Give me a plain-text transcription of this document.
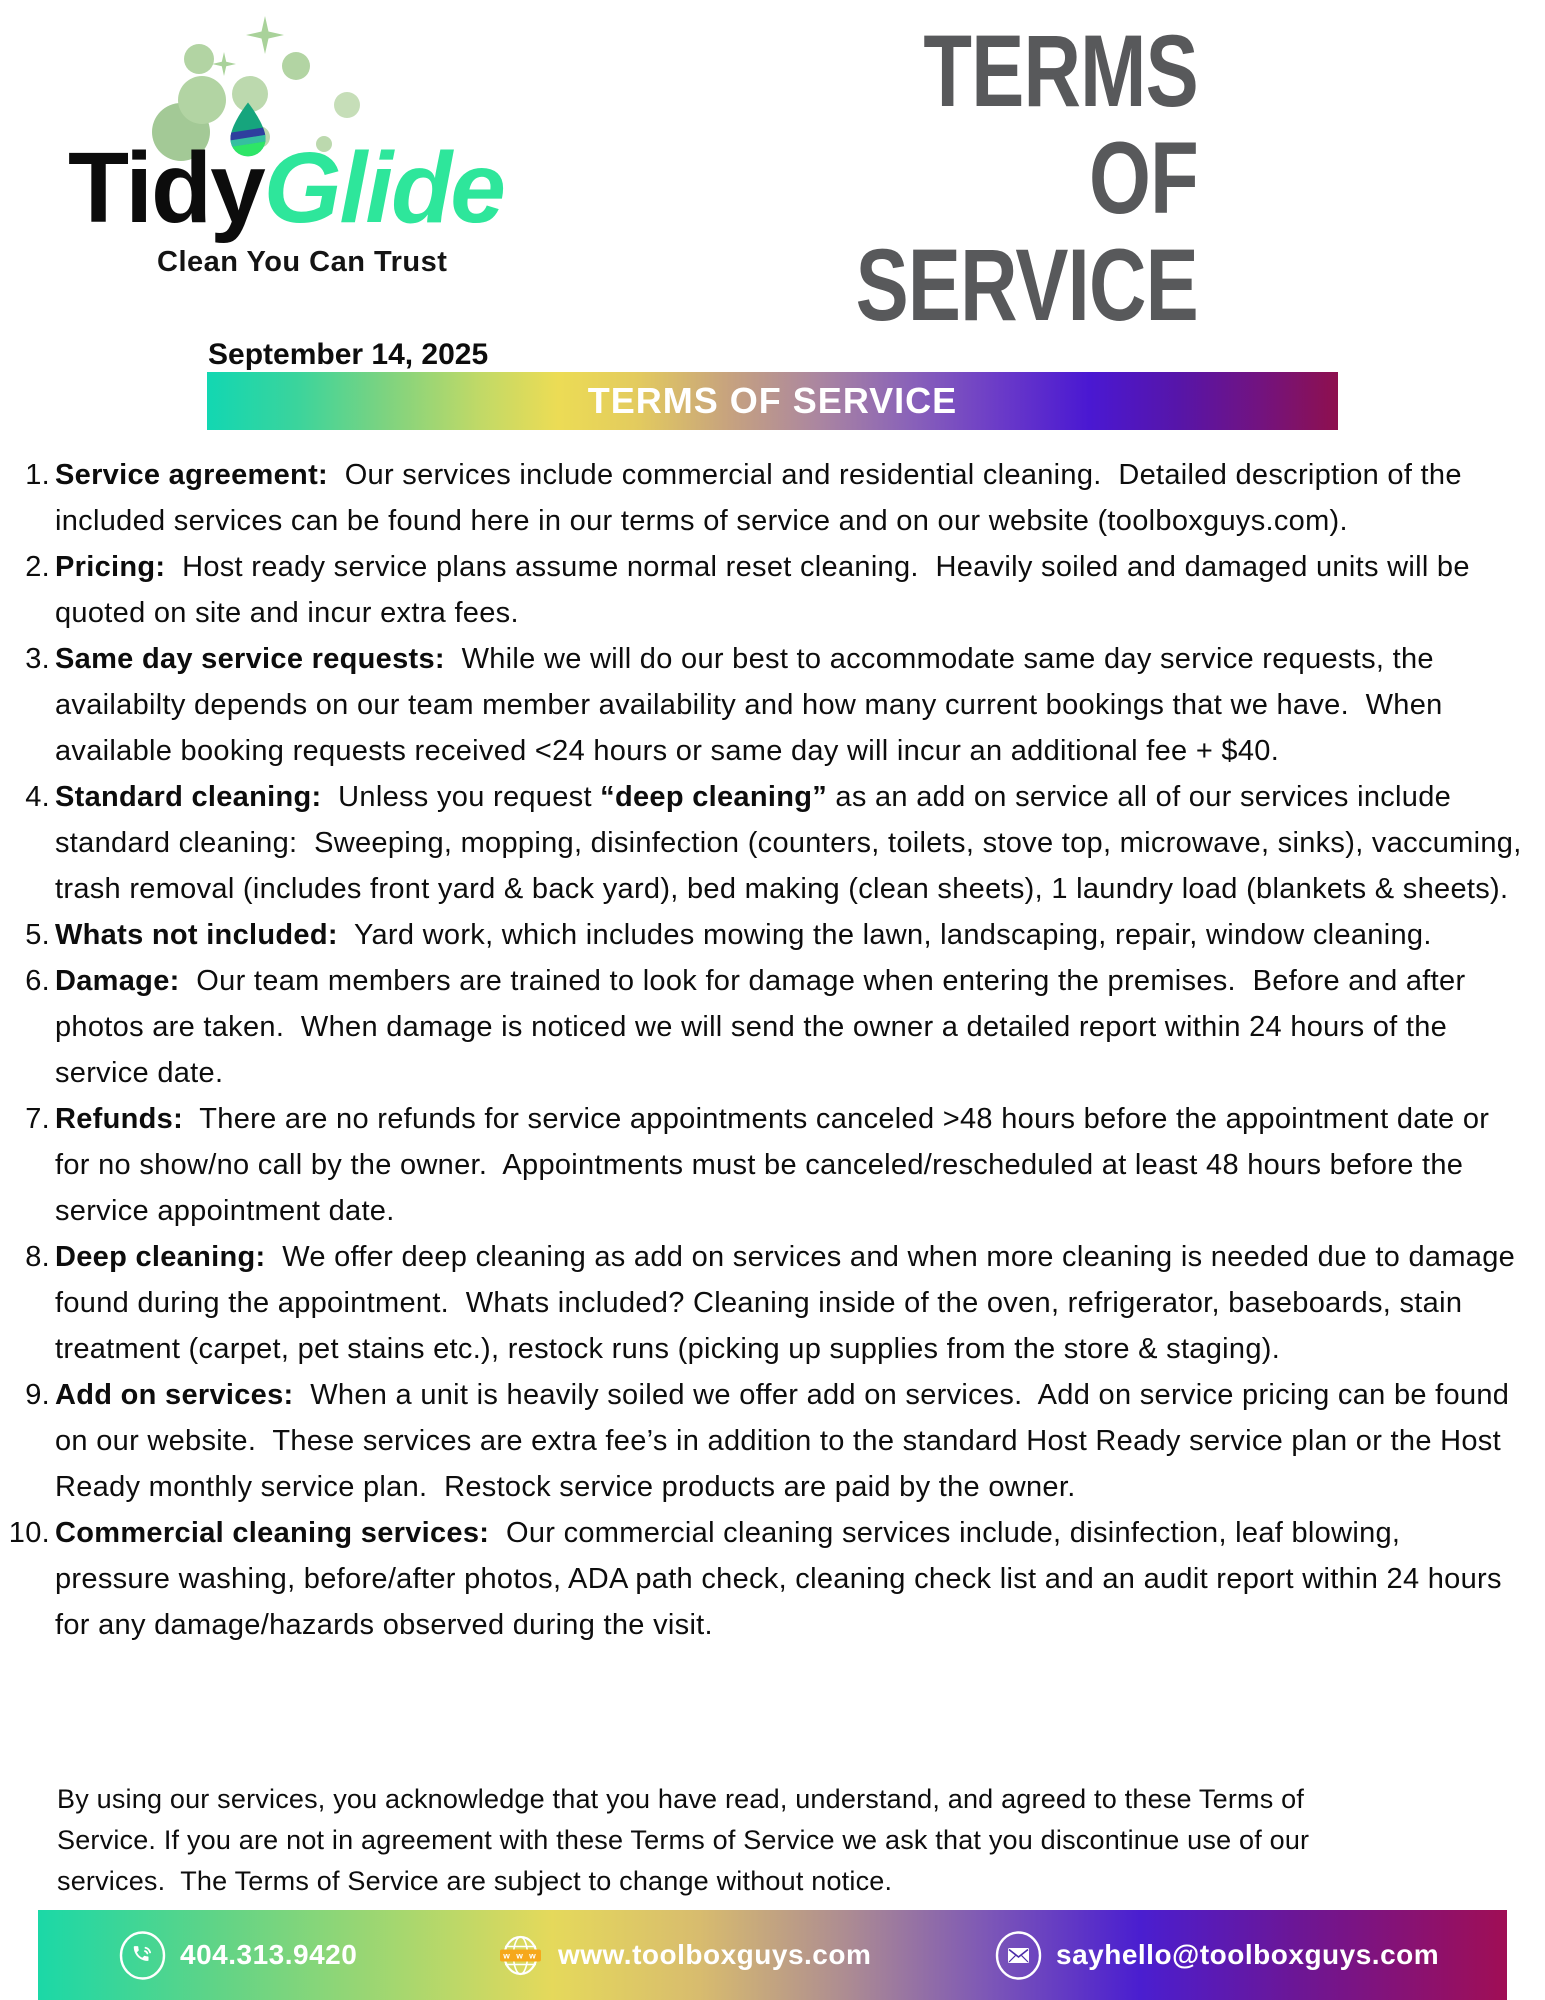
TidyGlide
Clean You Can Trust
TERMS
OF
SERVICE
September 14, 2025
TERMS OF SERVICE
1. Service agreement:  Our services include commercial and residential cleaning.  Detailed description of the included services can be found here in our terms of service and on our website (toolboxguys.com).
2. Pricing:  Host ready service plans assume normal reset cleaning.  Heavily soiled and damaged units will be quoted on site and incur extra fees.
3. Same day service requests:  While we will do our best to accommodate same day service requests, the availabilty depends on our team member availability and how many current bookings that we have.  When available booking requests received <24 hours or same day will incur an additional fee + $40.
4. Standard cleaning:  Unless you request “deep cleaning” as an add on service all of our services include standard cleaning:  Sweeping, mopping, disinfection (counters, toilets, stove top, microwave, sinks), vaccuming, trash removal (includes front yard & back yard), bed making (clean sheets), 1 laundry load (blankets & sheets).
5. Whats not included:  Yard work, which includes mowing the lawn, landscaping, repair, window cleaning.
6. Damage:  Our team members are trained to look for damage when entering the premises.  Before and after photos are taken.  When damage is noticed we will send the owner a detailed report within 24 hours of the service date.
7. Refunds:  There are no refunds for service appointments canceled >48 hours before the appointment date or for no show/no call by the owner.  Appointments must be canceled/rescheduled at least 48 hours before the service appointment date.
8. Deep cleaning:  We offer deep cleaning as add on services and when more cleaning is needed due to damage found during the appointment.  Whats included? Cleaning inside of the oven, refrigerator, baseboards, stain treatment (carpet, pet stains etc.), restock runs (picking up supplies from the store & staging).
9. Add on services:  When a unit is heavily soiled we offer add on services.  Add on service pricing can be found on our website.  These services are extra fee’s in addition to the standard Host Ready service plan or the Host Ready monthly service plan.  Restock service products are paid by the owner.
10. Commercial cleaning services:  Our commercial cleaning services include, disinfection, leaf blowing, pressure washing, before/after photos, ADA path check, cleaning check list and an audit report within 24 hours for any damage/hazards observed during the visit.

By using our services, you acknowledge that you have read, understand, and agreed to these Terms of Service. If you are not in agreement with these Terms of Service we ask that you discontinue use of our services.  The Terms of Service are subject to change without notice.

404.313.9420	w w w www.toolboxguys.com	sayhello@toolboxguys.com
